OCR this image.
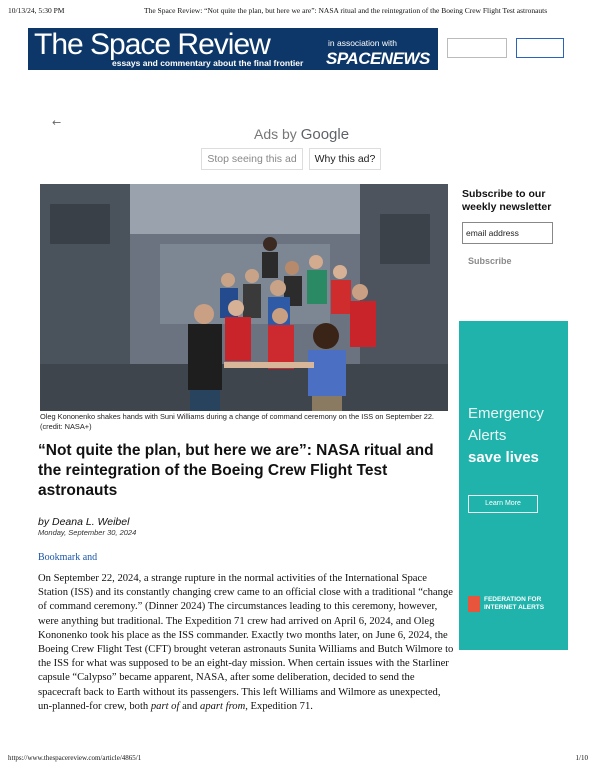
10/13/24, 5:30 PM	The Space Review: “Not quite the plan, but here we are”: NASA ritual and the reintegration of the Boeing Crew Flight Test astronauts
The Space Review
essays and commentary about the final frontier
in association with
SPACENEWS
←
Ads by Google
Stop seeing this ad	Why this ad?
Oleg Kononenko shakes hands with Suni Williams during a change of command ceremony on the ISS on September 22. (credit: NASA+)
“Not quite the plan, but here we are”: NASA ritual and the reintegration of the Boeing Crew Flight Test astronauts
by Deana L. Weibel
Monday, September 30, 2024
Bookmark and
On September 22, 2024, a strange rupture in the normal activities of the International Space Station (ISS) and its constantly changing crew came to an official close with a traditional “change of command ceremony.” (Dinner 2024) The circumstances leading to this ceremony, however, were anything but traditional. The Expedition 71 crew had arrived on April 6, 2024, and Oleg Kononenko took his place as the ISS commander. Exactly two months later, on June 6, 2024, the Boeing Crew Flight Test (CFT) brought veteran astronauts Sunita Williams and Butch Wilmore to the ISS for what was supposed to be an eight-day mission. When certain issues with the Starliner capsule “Calypso” became apparent, NASA, after some deliberation, decided to send the spacecraft back to Earth without its passengers. This left Williams and Wilmore as unexpected, un-planned-for crew, both part of and apart from, Expedition 71.
Subscribe to our weekly newsletter
email address
Subscribe
Emergency
Alerts
save lives
Learn More
FEDERATION FOR INTERNET ALERTS
https://www.thespacereview.com/article/4865/1	1/10
